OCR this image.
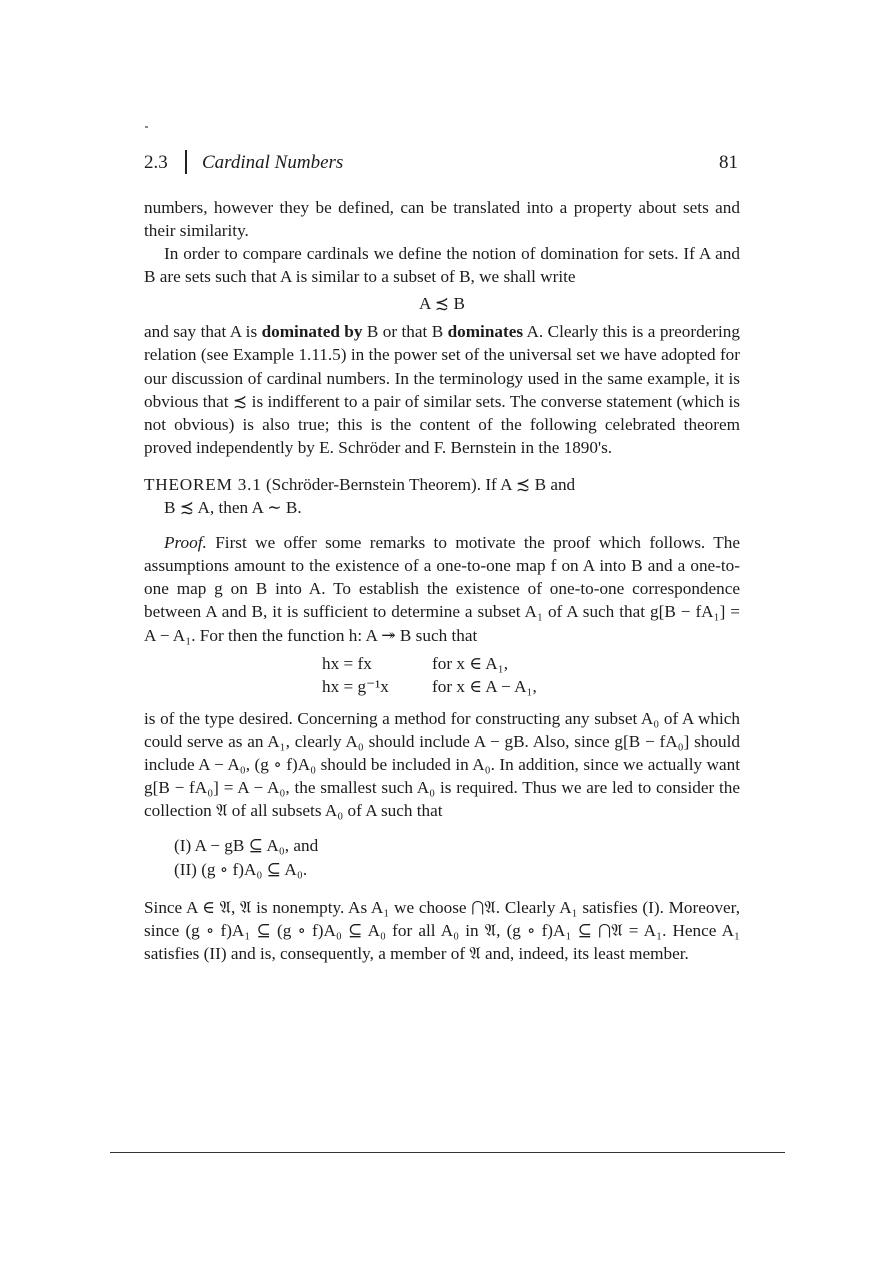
2.3 Cardinal Numbers	81

numbers, however they be defined, can be translated into a property about sets and their similarity.

In order to compare cardinals we define the notion of domination for sets. If A and B are sets such that A is similar to a subset of B, we shall write

A ≾ B

and say that A is dominated by B or that B dominates A. Clearly this is a preordering relation (see Example 1.11.5) in the power set of the universal set we have adopted for our discussion of cardinal numbers. In the terminology used in the same example, it is obvious that ≾ is indifferent to a pair of similar sets. The converse statement (which is not obvious) is also true; this is the content of the following celebrated theorem proved independently by E. Schröder and F. Bernstein in the 1890's.

THEOREM 3.1 (Schröder-Bernstein Theorem). If A ≾ B and

B ≾ A, then A ∼ B.

Proof. First we offer some remarks to motivate the proof which follows. The assumptions amount to the existence of a one-to-one map f on A into B and a one-to-one map g on B into A. To establish the existence of one-to-one correspondence between A and B, it is sufficient to determine a subset A₁ of A such that g[B − fA₁] = A − A₁. For then the function h: A ↠ B such that

hx = fx	for x ∈ A₁,
hx = g⁻¹x	for x ∈ A − A₁,

is of the type desired. Concerning a method for constructing any subset A₀ of A which could serve as an A₁, clearly A₀ should include A − gB. Also, since g[B − fA₀] should include A − A₀, (g ∘ f)A₀ should be included in A₀. In addition, since we actually want g[B − fA₀] = A − A₀, the smallest such A₀ is required. Thus we are led to consider the collection 𝔄 of all subsets A₀ of A such that

(I) A − gB ⊆ A₀, and
(II) (g ∘ f)A₀ ⊆ A₀.

Since A ∈ 𝔄, 𝔄 is nonempty. As A₁ we choose ⋂𝔄. Clearly A₁ satisfies (I). Moreover, since (g ∘ f)A₁ ⊆ (g ∘ f)A₀ ⊆ A₀ for all A₀ in 𝔄, (g ∘ f)A₁ ⊆ ⋂𝔄 = A₁. Hence A₁ satisfies (II) and is, consequently, a member of 𝔄 and, indeed, its least member.
